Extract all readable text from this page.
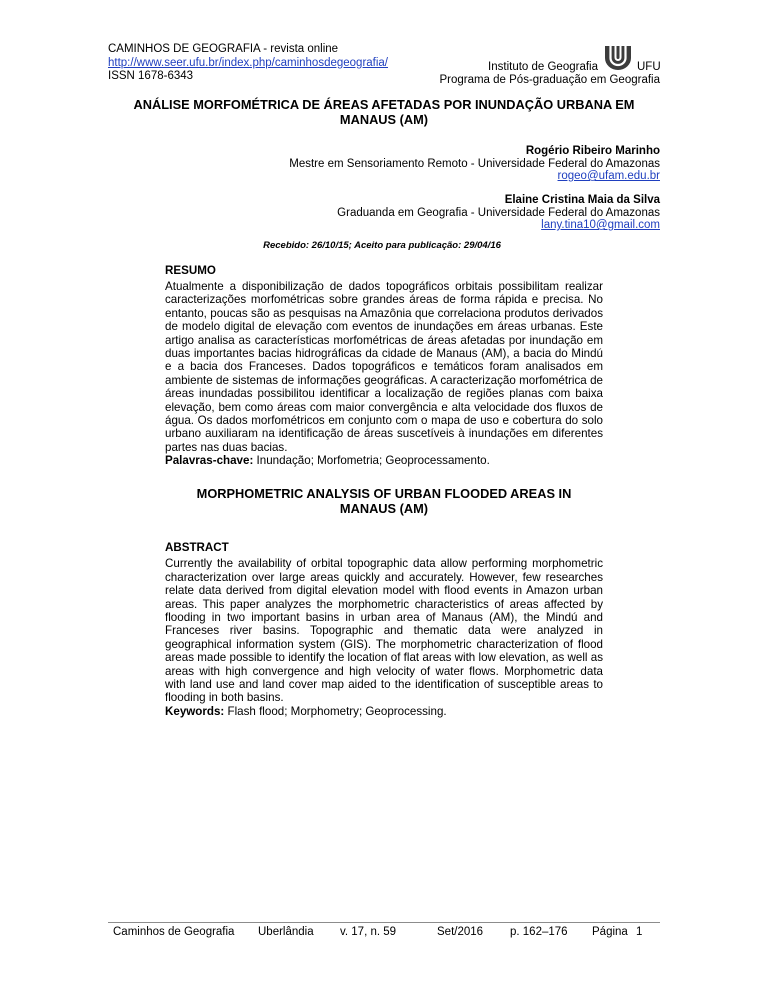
CAMINHOS DE GEOGRAFIA - revista online
http://www.seer.ufu.br/index.php/caminhosdegeografia/
ISSN 1678-6343
Instituto de Geografia	UFU
Programa de Pós-graduação em Geografia
ANÁLISE MORFOMÉTRICA DE ÁREAS AFETADAS POR INUNDAÇÃO URBANA EM MANAUS (AM)
Rogério Ribeiro Marinho
Mestre em Sensoriamento Remoto - Universidade Federal do Amazonas
rogeo@ufam.edu.br
Elaine Cristina Maia da Silva
Graduanda em Geografia - Universidade Federal do Amazonas
lany.tina10@gmail.com
Recebido: 26/10/15; Aceito para publicação: 29/04/16
RESUMO

Atualmente a disponibilização de dados topográficos orbitais possibilitam realizar caracterizações morfométricas sobre grandes áreas de forma rápida e precisa. No entanto, poucas são as pesquisas na Amazônia que correlaciona produtos derivados de modelo digital de elevação com eventos de inundações em áreas urbanas. Este artigo analisa as características morfométricas de áreas afetadas por inundação em duas importantes bacias hidrográficas da cidade de Manaus (AM), a bacia do Mindú e a bacia dos Franceses. Dados topográficos e temáticos foram analisados em ambiente de sistemas de informações geográficas. A caracterização morfométrica de áreas inundadas possibilitou identificar a localização de regiões planas com baixa elevação, bem como áreas com maior convergência e alta velocidade dos fluxos de água. Os dados morfométricos em conjunto com o mapa de uso e cobertura do solo urbano auxiliaram na identificação de áreas suscetíveis à inundações em diferentes partes nas duas bacias.

Palavras-chave: Inundação; Morfometria; Geoprocessamento.
MORPHOMETRIC ANALYSIS OF URBAN FLOODED AREAS IN MANAUS (AM)
ABSTRACT

Currently the availability of orbital topographic data allow performing morphometric characterization over large areas quickly and accurately. However, few researches relate data derived from digital elevation model with flood events in Amazon urban areas. This paper analyzes the morphometric characteristics of areas affected by flooding in two important basins in urban area of Manaus (AM), the Mindú and Franceses river basins. Topographic and thematic data were analyzed in geographical information system (GIS). The morphometric characterization of flood areas made possible to identify the location of flat areas with low elevation, as well as areas with high convergence and high velocity of water flows. Morphometric data with land use and land cover map aided to the identification of susceptible areas to flooding in both basins.

Keywords: Flash flood; Morphometry; Geoprocessing.
Caminhos de Geografia Uberlândia v. 17, n. 59	Set/2016 p. 162–176 Página 1
